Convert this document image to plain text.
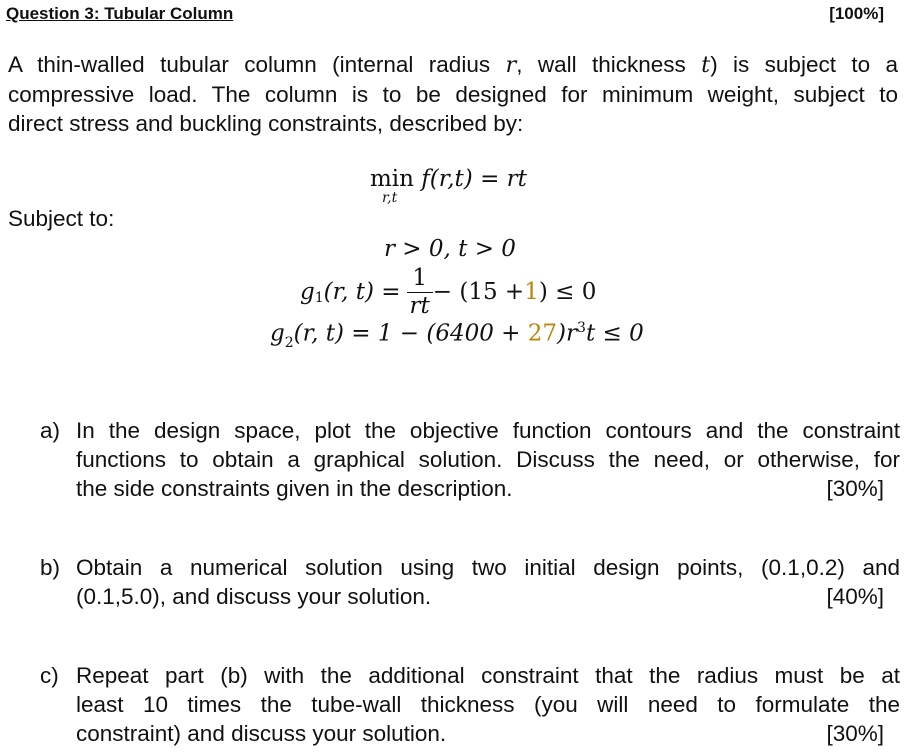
Question 3: Tubular Column	[100%]
A thin-walled tubular column (internal radius r, wall thickness t) is subject to a
compressive load. The column is to be designed for minimum weight, subject to
direct stress and buckling constraints, described by:
min
r,t
f(r,t) = rt
Subject to:
r > 0, t > 0
g 1 (r, $t) = \frac{1}{rt} - (15 + 1$ ) ≤ 0
$g_2(r$, $t) = 1 - (6400 + 27)r^3t \le 0$
a) In the design space, plot the objective function contours and the constraint
functions to obtain a graphical solution. Discuss the need, or otherwise, for
the side constraints given in the description.	[30%]
b) Obtain a numerical solution using two initial design points, (0.1,0.2) and
(0.1,5.0), and discuss your solution.	[40%]
c) Repeat part (b) with the additional constraint that the radius must be at
least 10 times the tube-wall thickness (you will need to formulate the
constraint) and discuss your solution.	[30%]
